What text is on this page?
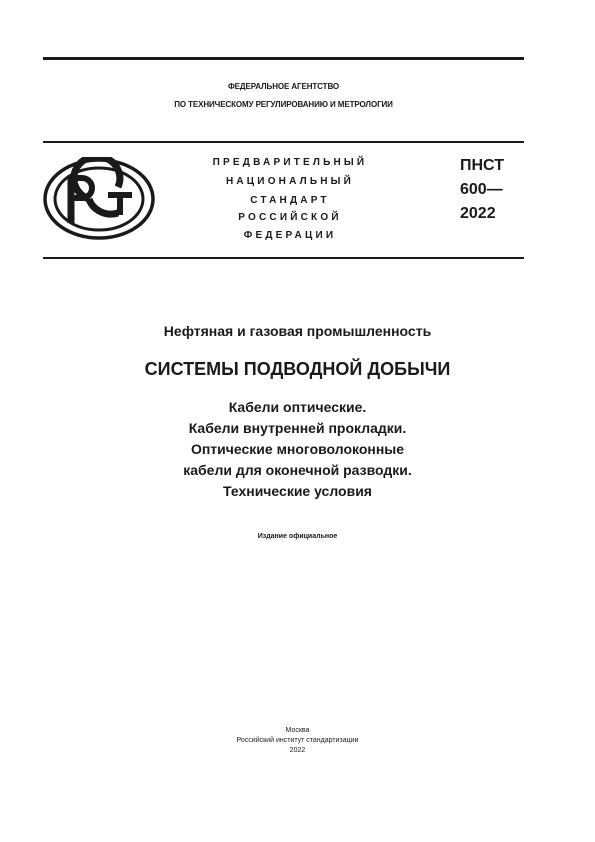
ФЕДЕРАЛЬНОЕ АГЕНТСТВО
ПО ТЕХНИЧЕСКОМУ РЕГУЛИРОВАНИЮ И МЕТРОЛОГИИ
ПРЕДВАРИТЕЛЬНЫЙ
НАЦИОНАЛЬНЫЙ
СТАНДАРТ
РОССИЙСКОЙ
ФЕДЕРАЦИИ
ПНСТ
600—
2022
Нефтяная и газовая промышленность
СИСТЕМЫ ПОДВОДНОЙ ДОБЫЧИ
Кабели оптические.
Кабели внутренней прокладки.
Оптические многоволоконные
кабели для оконечной разводки.
Технические условия
Издание официальное
Москва
Российский институт стандартизации
2022
